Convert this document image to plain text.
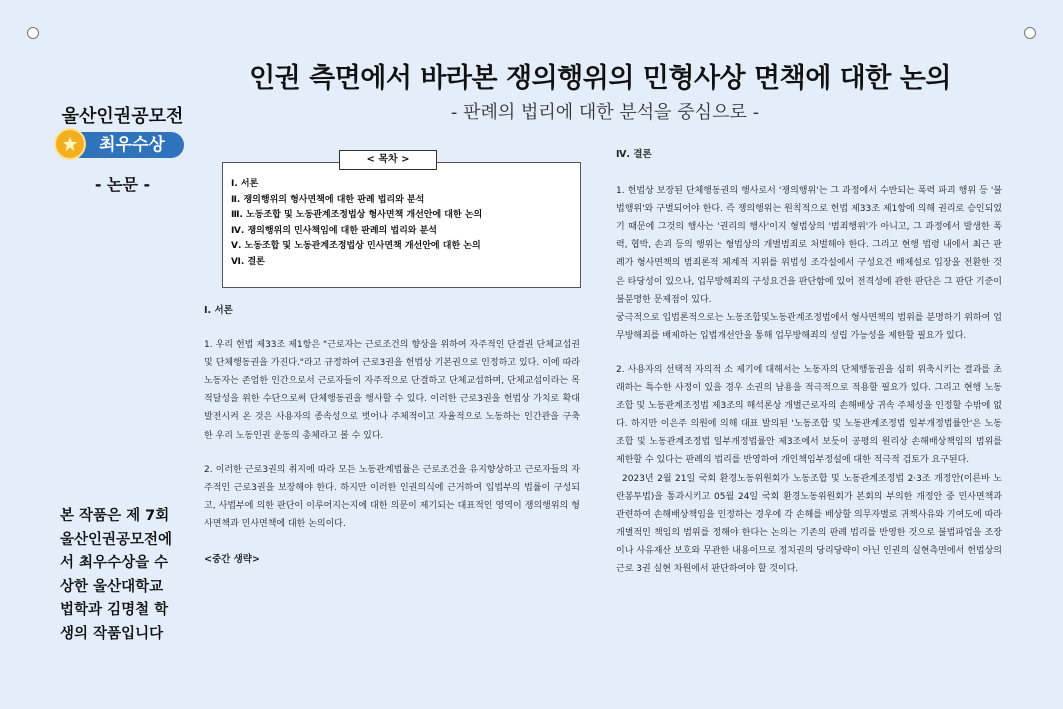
울산인권공모전
최우수상
- 논문 -
본 작품은 제 7회 울산인권공모전에서 최우수상을 수상한 울산대학교 법학과 김명철 학생의 작품입니다
인권 측면에서 바라본 쟁의행위의 민형사상 면책에 대한 논의
- 판례의 법리에 대한 분석을 중심으로 -
Ⅰ. 서론
Ⅱ. 쟁의행위의 형사면책에 대한 판례 법리와 분석
Ⅲ. 노동조합 및 노동관계조정법상 형사면책 개선안에 대한 논의
Ⅳ. 쟁의행위의 민사책임에 대한 판례의 법리와 분석
Ⅴ. 노동조합 및 노동관계조정법상 민사면책 개선안에 대한 논의
Ⅵ. 결론
< 목차 >
Ⅰ. 서론
1. 우리 헌법 제33조 제1항은 "근로자는 근로조건의 향상을 위하여 자주적인 단결권 단체교섭권 및 단체행동권을 가진다."라고 규정하여 근로3권을 헌법상 기본권으로 인정하고 있다. 이에 따라 노동자는 존엄한 인간으로서 근로자들이 자주적으로 단결하고 단체교섭하며, 단체교섭이라는 목적달성을 위한 수단으로써 단체행동권을 행사할 수 있다. 이러한 근로3권을 헌법상 가치로 확대 발전시켜 온 것은 사용자의 종속성으로 벗어나 주체적이고 자율적으로 노동하는 인간관을 구축한 우리 노동인권 운동의 총체라고 볼 수 있다.
2. 이러한 근로3권의 취지에 따라 모든 노동관계법률은 근로조건을 유지향상하고 근로자들의 자주적인 근로3권을 보장해야 한다. 하지만 이러한 인권의식에 근거하여 입법부의 법률이 구성되고, 사법부에 의한 판단이 이루어지는지에 대한 의문이 제기되는 대표적인 영역이 쟁의행위의 형사면책과 민사면책에 대한 논의이다.
<중간 생략>
Ⅳ. 결론
1. 헌법상 보장된 단체행동권의 행사로서 '쟁의행위'는 그 과정에서 수반되는 폭력 파괴 행위 등 '불법행위'와 구별되어야 한다. 즉 쟁의행위는 원칙적으로 헌법 제33조 제1항에 의해 권리로 승인되었기 때문에 그것의 행사는 '권리의 행사'이지 형법상의 '범죄행위'가 아니고, 그 과정에서 발생한 폭력, 협박, 손괴 등의 행위는 형법상의 개별범죄로 처벌해야 한다. 그리고 현행 법령 내에서 최근 판례가 형사면책의 범죄론적 체계적 지위를 위법성 조각설에서 구성요건 배제설로 입장을 전환한 것은 타당성이 있으나, 업무방해죄의 구성요건을 판단함에 있어 전격성에 관한 판단은 그 판단 기준이 불분명한 문제점이 있다.
궁극적으로 입법론적으로는 노동조합및노동관계조정법에서 형사면책의 범위를 분명하기 위하여 업무방해죄를 배제하는 입법개선안을 통해 업무방해죄의 성립 가능성을 제한할 필요가 있다.
2. 사용자의 선택적 자의적 소 제기에 대해서는 노동자의 단체행동권을 심히 위축시키는 결과를 초래하는 특수한 사정이 있을 경우 소권의 남용을 적극적으로 적용할 필요가 있다. 그리고 현행 노동조합 및 노동관계조정법 제3조의 해석론상 개별근로자의 손해배상 귀속 주체성을 인정할 수밖에 없다. 하지만 이은주 의원에 의해 대표 발의된 '노동조합 및 노동관계조정법 일부개정법률안'은 노동조합 및 노동관계조정법 일부개정법률안 제3조에서 보듯이 공평의 원리상 손해배상책임의 범위를 제한할 수 있다는 판례의 법리를 반영하여 개인책임부정설에 대한 적극적 검토가 요구된다.
2023년 2월 21일 국회 환경노동위원회가 노동조합 및 노동관계조정법 2·3조 개정안(이른바 노란봉투법)을 통과시키고 05월 24일 국회 환경노동위원회가 본회의 부의한 개정안 중 민사면책과 관련하여 손해배상책임을 인정하는 경우에 각 손해를 배상할 의무자별로 귀책사유와 기여도에 따라 개별적인 책임의 범위를 정해야 한다는 논의는 기존의 판례 법리를 반영한 것으로 불법파업을 조장이나 사유재산 보호와 무관한 내용이므로 정치권의 당리당략이 아닌 인권의 실현측면에서 헌법상의 근로 3권 실현 차원에서 판단하여야 할 것이다.
